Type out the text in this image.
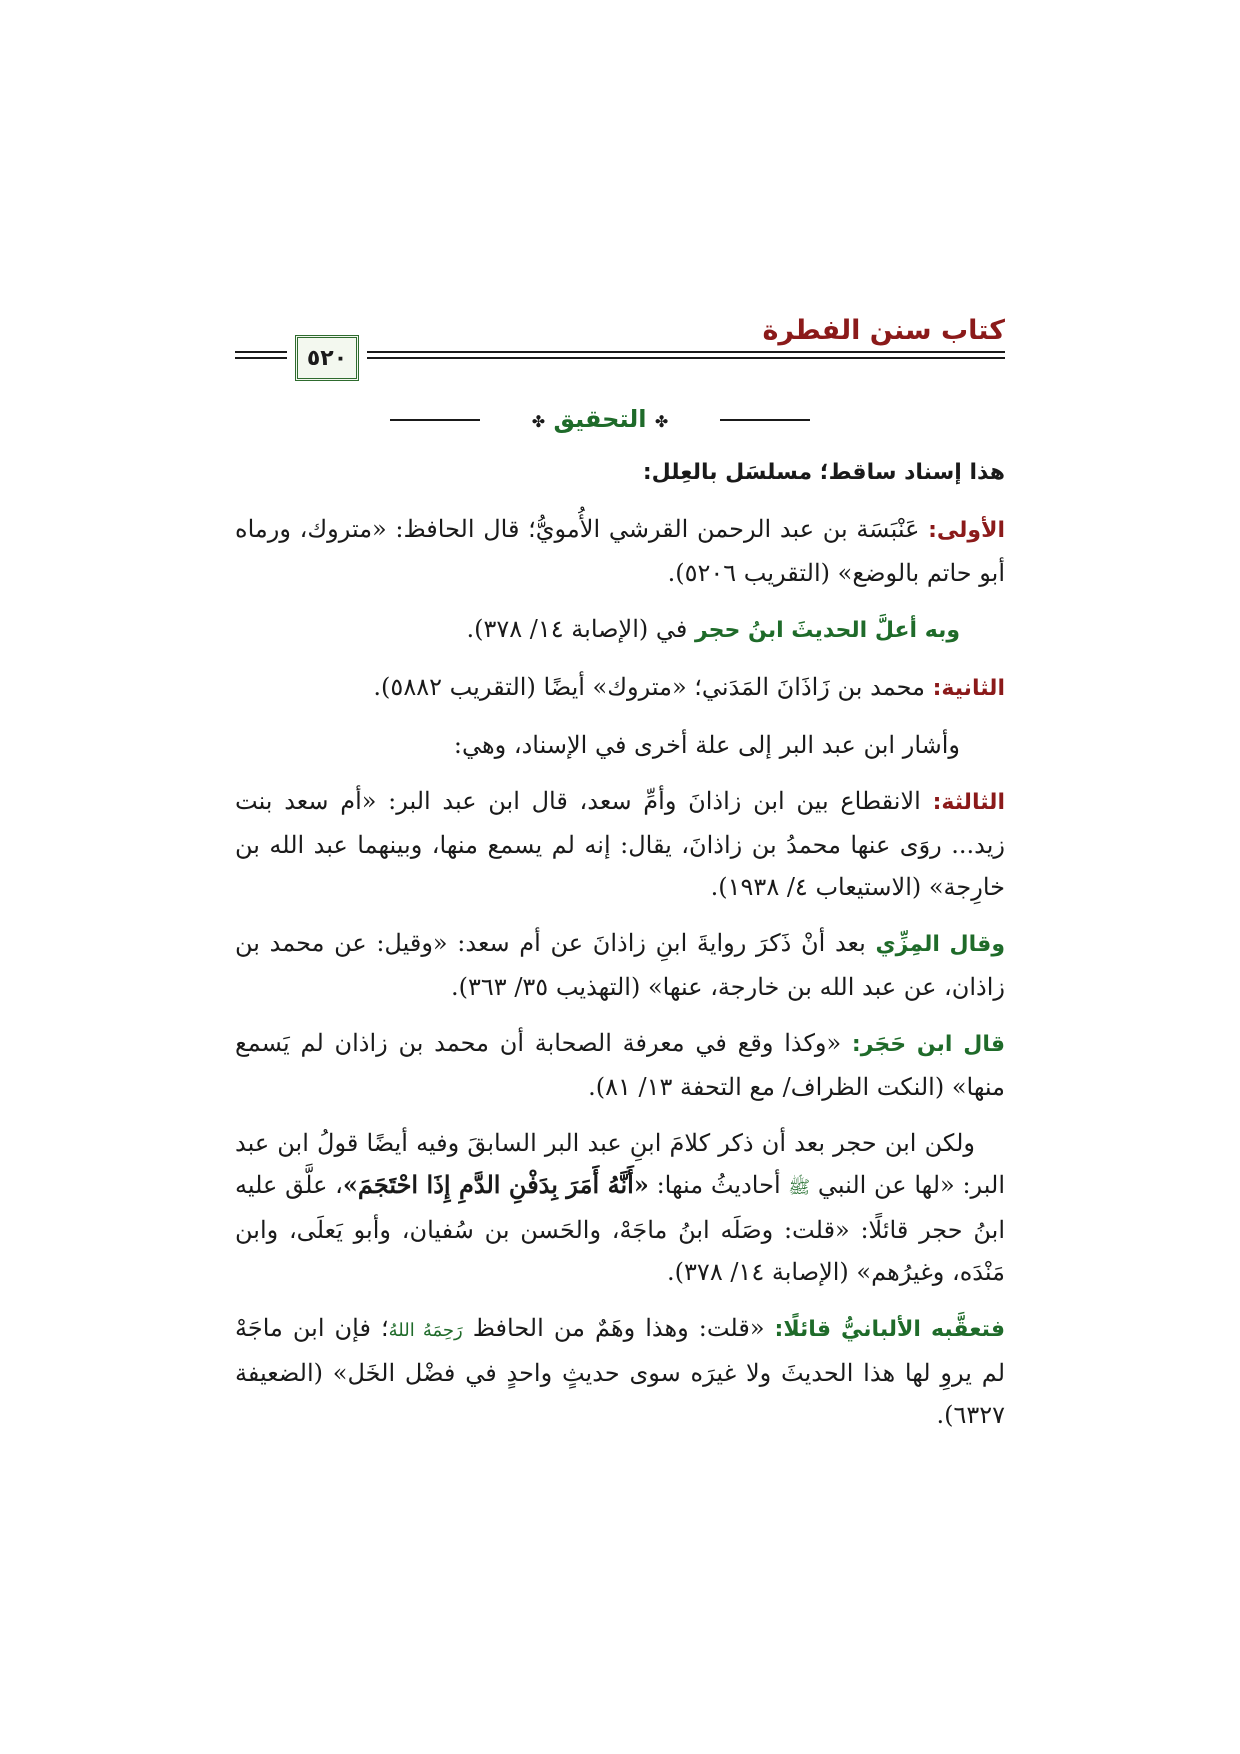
كتاب سنن الفطرة
٥٢٠
✤ التحقيق ✤

هذا إسناد ساقط؛ مسلسَل بالعِلل:

الأولى: عَنْبَسَة بن عبد الرحمن القرشي الأُمويُّ؛ قال الحافظ: «متروك، ورماه أبو حاتم بالوضع» (التقريب ٥٢٠٦).

وبه أعلَّ الحديثَ ابنُ حجر في (الإصابة ١٤/ ٣٧٨).

الثانية: محمد بن زَاذَانَ المَدَني؛ «متروك» أيضًا (التقريب ٥٨٨٢).

وأشار ابن عبد البر إلى علة أخرى في الإسناد، وهي:

الثالثة: الانقطاع بين ابن زاذانَ وأمِّ سعد، قال ابن عبد البر: «أم سعد بنت زيد... روَى عنها محمدُ بن زاذانَ، يقال: إنه لم يسمع منها، وبينهما عبد الله بن خارِجة» (الاستيعاب ٤/ ١٩٣٨).

وقال المِزِّي بعد أنْ ذَكرَ روايةَ ابنِ زاذانَ عن أم سعد: «وقيل: عن محمد بن زاذان، عن عبد الله بن خارجة، عنها» (التهذيب ٣٥/ ٣٦٣).

قال ابن حَجَر: «وكذا وقع في معرفة الصحابة أن محمد بن زاذان لم يَسمع منها» (النكت الظراف/ مع التحفة ١٣/ ٨١).

ولكن ابن حجر بعد أن ذكر كلامَ ابنِ عبد البر السابقَ وفيه أيضًا قولُ ابن عبد البر: «لها عن النبي ﷺ أحاديثُ منها: «أَنَّهُ أَمَرَ بِدَفْنِ الدَّمِ إِذَا احْتَجَمَ»، علَّق عليه ابنُ حجر قائلًا: «قلت: وصَلَه ابنُ ماجَهْ، والحَسن بن سُفيان، وأبو يَعلَى، وابن مَنْدَه، وغيرُهم» (الإصابة ١٤/ ٣٧٨).

فتعقَّبه الألبانيُّ قائلًا: «قلت: وهذا وهَمٌ من الحافظ رَحِمَهُ اللهُ؛ فإن ابن ماجَهْ لم يروِ لها هذا الحديثَ ولا غيرَه سوى حديثٍ واحدٍ في فضْل الخَل» (الضعيفة ٦٣٢٧).
